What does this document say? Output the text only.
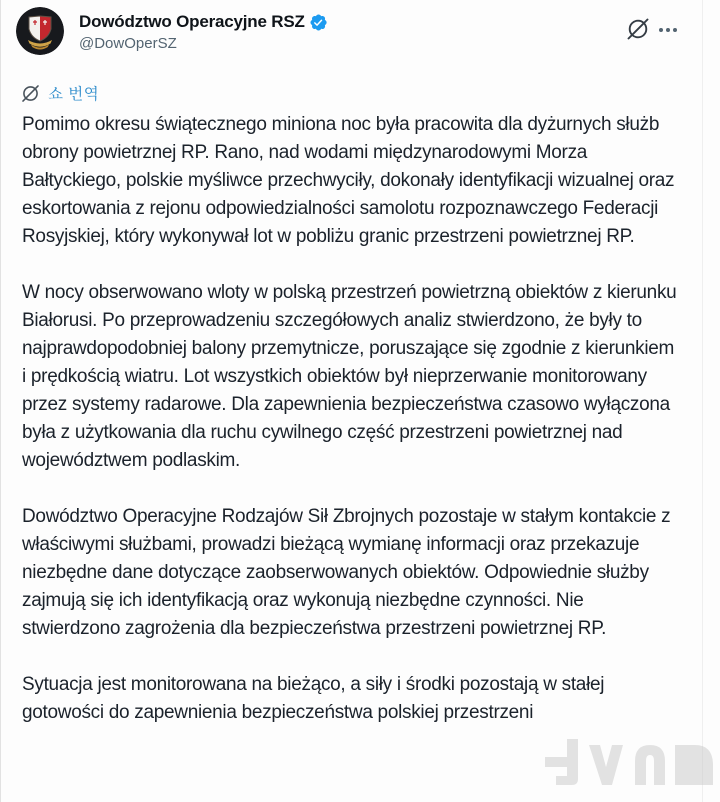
Dowództwo Operacyjne RSZ
@DowOperSZ
쇼 번역

Pomimo okresu świątecznego miniona noc była pracowita dla dyżurnych służb obrony powietrznej RP. Rano, nad wodami międzynarodowymi Morza Bałtyckiego, polskie myśliwce przechwyciły, dokonały identyfikacji wizualnej oraz eskortowania z rejonu odpowiedzialności samolotu rozpoznawczego Federacji Rosyjskiej, który wykonywał lot w pobliżu granic przestrzeni powietrznej RP.

W nocy obserwowano wloty w polską przestrzeń powietrzną obiektów z kierunku Białorusi. Po przeprowadzeniu szczegółowych analiz stwierdzono, że były to najprawdopodobniej balony przemytnicze, poruszające się zgodnie z kierunkiem i prędkością wiatru. Lot wszystkich obiektów był nieprzerwanie monitorowany przez systemy radarowe. Dla zapewnienia bezpieczeństwa czasowo wyłączona była z użytkowania dla ruchu cywilnego część przestrzeni powietrznej nad województwem podlaskim.

Dowództwo Operacyjne Rodzajów Sił Zbrojnych pozostaje w stałym kontakcie z właściwymi służbami, prowadzi bieżącą wymianę informacji oraz przekazuje niezbędne dane dotyczące zaobserwowanych obiektów. Odpowiednie służby zajmują się ich identyfikacją oraz wykonują niezbędne czynności. Nie stwierdzono zagrożenia dla bezpieczeństwa przestrzeni powietrznej RP.

Sytuacja jest monitorowana na bieżąco, a siły i środki pozostają w stałej gotowości do zapewnienia bezpieczeństwa polskiej przestrzeni
